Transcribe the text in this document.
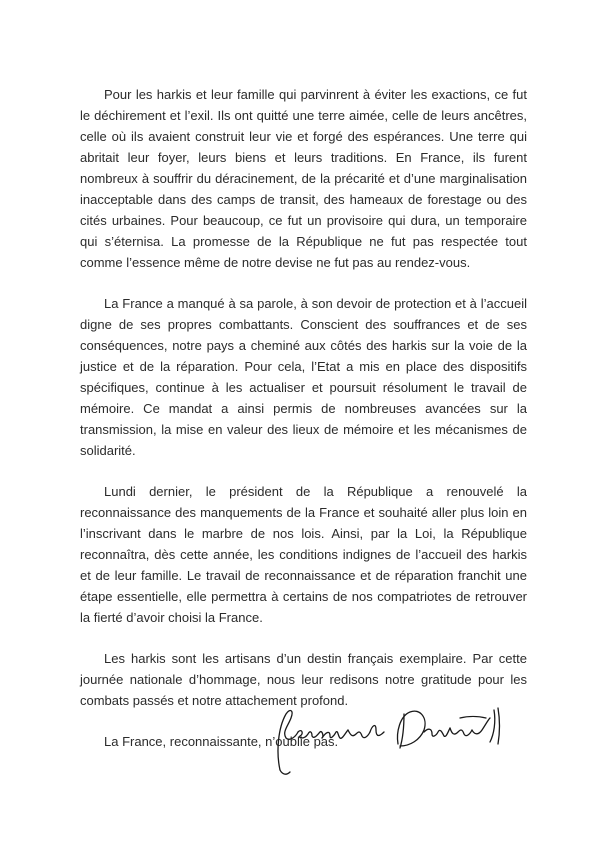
Pour les harkis et leur famille qui parvinrent à éviter les exactions, ce fut le déchirement et l’exil. Ils ont quitté une terre aimée, celle de leurs ancêtres, celle où ils avaient construit leur vie et forgé des espérances. Une terre qui abritait leur foyer, leurs biens et leurs traditions. En France, ils furent nombreux à souffrir du déracinement, de la précarité et d’une marginalisation inacceptable dans des camps de transit, des hameaux de forestage ou des cités urbaines. Pour beaucoup, ce fut un provisoire qui dura, un temporaire qui s’éternisa. La promesse de la République ne fut pas respectée tout comme l’essence même de notre devise ne fut pas au rendez-vous.

La France a manqué à sa parole, à son devoir de protection et à l’accueil digne de ses propres combattants. Conscient des souffrances et de ses conséquences, notre pays a cheminé aux côtés des harkis sur la voie de la justice et de la réparation. Pour cela, l’Etat a mis en place des dispositifs spécifiques, continue à les actualiser et poursuit résolument le travail de mémoire. Ce mandat a ainsi permis de nombreuses avancées sur la transmission, la mise en valeur des lieux de mémoire et les mécanismes de solidarité.

Lundi dernier, le président de la République a renouvelé la reconnaissance des manquements de la France et souhaité aller plus loin en l’inscrivant dans le marbre de nos lois. Ainsi, par la Loi, la République reconnaîtra, dès cette année, les conditions indignes de l’accueil des harkis et de leur famille. Le travail de reconnaissance et de réparation franchit une étape essentielle, elle permettra à certains de nos compatriotes de retrouver la fierté d’avoir choisi la France.

Les harkis sont les artisans d’un destin français exemplaire. Par cette journée nationale d’hommage, nous leur redisons notre gratitude pour les combats passés et notre attachement profond.

La France, reconnaissante, n’oublie pas.
